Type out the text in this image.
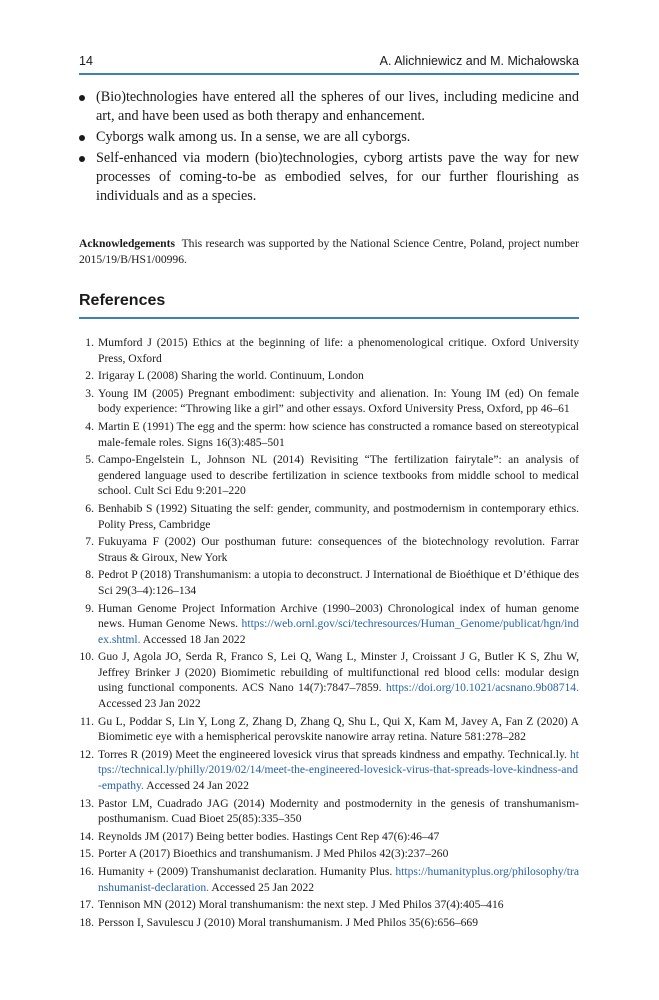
14	A. Alichniewicz and M. Michałowska
(Bio)technologies have entered all the spheres of our lives, including medicine and art, and have been used as both therapy and enhancement.
Cyborgs walk among us. In a sense, we are all cyborgs.
Self-enhanced via modern (bio)technologies, cyborg artists pave the way for new processes of coming-to-be as embodied selves, for our further flourishing as individuals and as a species.
Acknowledgements This research was supported by the National Science Centre, Poland, project number 2015/19/B/HS1/00996.
References
1. Mumford J (2015) Ethics at the beginning of life: a phenomenological critique. Oxford University Press, Oxford
2. Irigaray L (2008) Sharing the world. Continuum, London
3. Young IM (2005) Pregnant embodiment: subjectivity and alienation. In: Young IM (ed) On female body experience: “Throwing like a girl” and other essays. Oxford University Press, Oxford, pp 46–61
4. Martin E (1991) The egg and the sperm: how science has constructed a romance based on stereotypical male-female roles. Signs 16(3):485–501
5. Campo-Engelstein L, Johnson NL (2014) Revisiting “The fertilization fairytale”: an analysis of gendered language used to describe fertilization in science textbooks from middle school to medical school. Cult Sci Edu 9:201–220
6. Benhabib S (1992) Situating the self: gender, community, and postmodernism in contemporary ethics. Polity Press, Cambridge
7. Fukuyama F (2002) Our posthuman future: consequences of the biotechnology revolution. Farrar Straus & Giroux, New York
8. Pedrot P (2018) Transhumanism: a utopia to deconstruct. J International de Bioéthique et D’éthique des Sci 29(3–4):126–134
9. Human Genome Project Information Archive (1990–2003) Chronological index of human genome news. Human Genome News. https://web.ornl.gov/sci/techresources/Human_Genome/publicat/hgn/index.shtml. Accessed 18 Jan 2022
10. Guo J, Agola JO, Serda R, Franco S, Lei Q, Wang L, Minster J, Croissant J G, Butler K S, Zhu W, Jeffrey Brinker J (2020) Biomimetic rebuilding of multifunctional red blood cells: modular design using functional components. ACS Nano 14(7):7847–7859. https://doi.org/10.1021/acsnano.9b08714. Accessed 23 Jan 2022
11. Gu L, Poddar S, Lin Y, Long Z, Zhang D, Zhang Q, Shu L, Qui X, Kam M, Javey A, Fan Z (2020) A Biomimetic eye with a hemispherical perovskite nanowire array retina. Nature 581:278–282
12. Torres R (2019) Meet the engineered lovesick virus that spreads kindness and empathy. Technical.ly. https://technical.ly/philly/2019/02/14/meet-the-engineered-lovesick-virus-that-spreads-love-kindness-and-empathy. Accessed 24 Jan 2022
13. Pastor LM, Cuadrado JAG (2014) Modernity and postmodernity in the genesis of transhumanism-posthumanism. Cuad Bioet 25(85):335–350
14. Reynolds JM (2017) Being better bodies. Hastings Cent Rep 47(6):46–47
15. Porter A (2017) Bioethics and transhumanism. J Med Philos 42(3):237–260
16. Humanity + (2009) Transhumanist declaration. Humanity Plus. https://humanityplus.org/philosophy/transhumanist-declaration. Accessed 25 Jan 2022
17. Tennison MN (2012) Moral transhumanism: the next step. J Med Philos 37(4):405–416
18. Persson I, Savulescu J (2010) Moral transhumanism. J Med Philos 35(6):656–669
